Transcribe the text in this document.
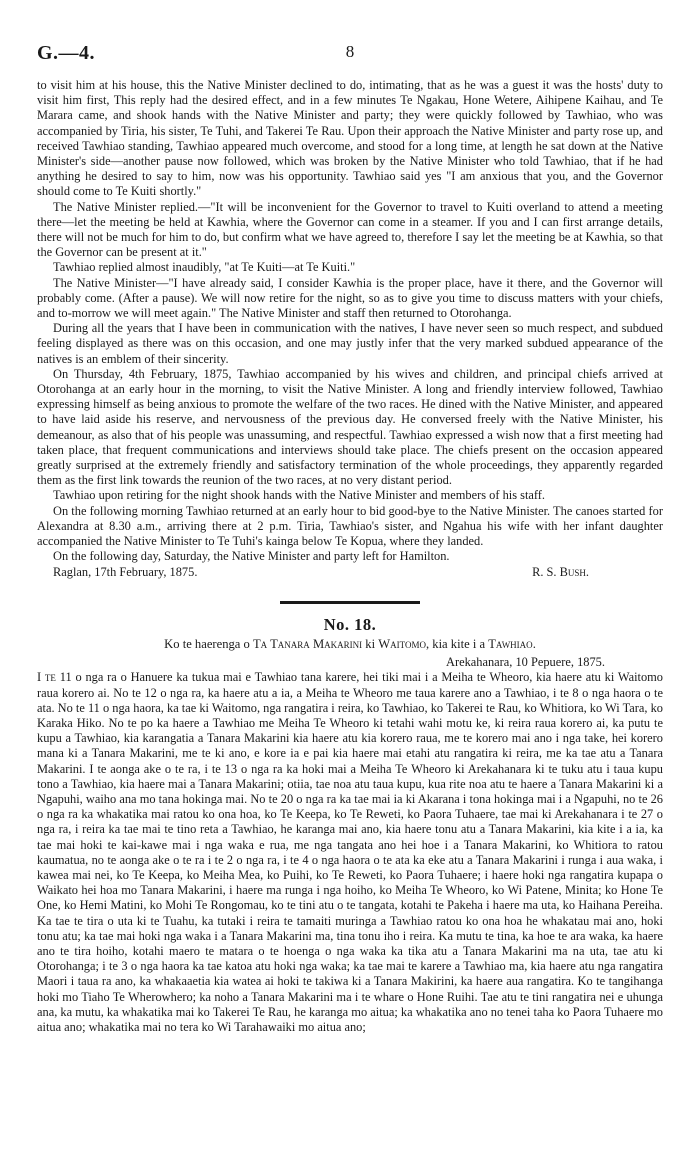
G.—4.	8

to visit him at his house, this the Native Minister declined to do, intimating, that as he was a guest it was the hosts' duty to visit him first, This reply had the desired effect, and in a few minutes Te Ngakau, Hone Wetere, Aihipene Kaihau, and Te Marara came, and shook hands with the Native Minister and party; they were quickly followed by Tawhiao, who was accompanied by Tiria, his sister, Te Tuhi, and Takerei Te Rau. Upon their approach the Native Minister and party rose up, and received Tawhiao standing, Tawhiao appeared much overcome, and stood for a long time, at length he sat down at the Native Minister's side—another pause now followed, which was broken by the Native Minister who told Tawhiao, that if he had anything he desired to say to him, now was his opportunity. Tawhiao said yes "I am anxious that you, and the Governor should come to Te Kuiti shortly."

The Native Minister replied.—"It will be inconvenient for the Governor to travel to Kuiti overland to attend a meeting there—let the meeting be held at Kawhia, where the Governor can come in a steamer. If you and I can first arrange details, there will not be much for him to do, but confirm what we have agreed to, therefore I say let the meeting be at Kawhia, so that the Governor can be present at it."

Tawhiao replied almost inaudibly, "at Te Kuiti—at Te Kuiti."

The Native Minister—"I have already said, I consider Kawhia is the proper place, have it there, and the Governor will probably come. (After a pause). We will now retire for the night, so as to give you time to discuss matters with your chiefs, and to-morrow we will meet again." The Native Minister and staff then returned to Otorohanga.

During all the years that I have been in communication with the natives, I have never seen so much respect, and subdued feeling displayed as there was on this occasion, and one may justly infer that the very marked subdued appearance of the natives is an emblem of their sincerity.

On Thursday, 4th February, 1875, Tawhiao accompanied by his wives and children, and principal chiefs arrived at Otorohanga at an early hour in the morning, to visit the Native Minister. A long and friendly interview followed, Tawhiao expressing himself as being anxious to promote the welfare of the two races. He dined with the Native Minister, and appeared to have laid aside his reserve, and nervousness of the previous day. He conversed freely with the Native Minister, his demeanour, as also that of his people was unassuming, and respectful. Tawhiao expressed a wish now that a first meeting had taken place, that frequent communications and interviews should take place. The chiefs present on the occasion appeared greatly surprised at the extremely friendly and satisfactory termination of the whole proceedings, they apparently regarded them as the first link towards the reunion of the two races, at no very distant period.

Tawhiao upon retiring for the night shook hands with the Native Minister and members of his staff.

On the following morning Tawhiao returned at an early hour to bid good-bye to the Native Minister. The canoes started for Alexandra at 8.30 a.m., arriving there at 2 p.m. Tiria, Tawhiao's sister, and Ngahua his wife with her infant daughter accompanied the Native Minister to Te Tuhi's kainga below Te Kopua, where they landed.

On the following day, Saturday, the Native Minister and party left for Hamilton.

Raglan, 17th February, 1875.	R. S. Bush.

No. 18.
Ko te haerenga o Ta Tanara Makarini ki Waitomo, kia kite i a Tawhiao.

Arekahanara, 10 Pepuere, 1875.

I te 11 o nga ra o Hanuere ka tukua mai e Tawhiao tana karere, hei tiki mai i a Meiha te Wheoro, kia haere atu ki Waitomo raua korero ai. No te 12 o nga ra, ka haere atu a ia, a Meiha te Wheoro me taua karere ano a Tawhiao, i te 8 o nga haora o te ata. No te 11 o nga haora, ka tae ki Waitomo, nga rangatira i reira, ko Tawhiao, ko Takerei te Rau, ko Whitiora, ko Wi Tara, ko Karaka Hiko. No te po ka haere a Tawhiao me Meiha Te Wheoro ki tetahi wahi motu ke, ki reira raua korero ai, ka putu te kupu a Tawhiao, kia karangatia a Tanara Makarini kia haere atu kia korero raua, me te korero mai ano i nga take, hei korero mana ki a Tanara Makarini, me te ki ano, e kore ia e pai kia haere mai etahi atu rangatira ki reira, me ka tae atu a Tanara Makarini. I te aonga ake o te ra, i te 13 o nga ra ka hoki mai a Meiha Te Wheoro ki Arekahanara ki te tuku atu i taua kupu tono a Tawhiao, kia haere mai a Tanara Makarini; otiia, tae noa atu taua kupu, kua rite noa atu te haere a Tanara Makarini ki a Ngapuhi, waiho ana mo tana hokinga mai. No te 20 o nga ra ka tae mai ia ki Akarana i tona hokinga mai i a Ngapuhi, no te 26 o nga ra ka whakatika mai ratou ko ona hoa, ko Te Keepa, ko Te Reweti, ko Paora Tuhaere, tae mai ki Arekahanara i te 27 o nga ra, i reira ka tae mai te tino reta a Tawhiao, he karanga mai ano, kia haere tonu atu a Tanara Makarini, kia kite i a ia, ka tae mai hoki te kai-kawe mai i nga waka e rua, me nga tangata ano hei hoe i a Tanara Makarini, ko Whitiora to ratou kaumatua, no te aonga ake o te ra i te 2 o nga ra, i te 4 o nga haora o te ata ka eke atu a Tanara Makarini i runga i aua waka, i kawea mai nei, ko Te Keepa, ko Meiha Mea, ko Puihi, ko Te Reweti, ko Paora Tuhaere; i haere hoki nga rangatira kupapa o Waikato hei hoa mo Tanara Makarini, i haere ma runga i nga hoiho, ko Meiha Te Wheoro, ko Wi Patene, Minita; ko Hone Te One, ko Hemi Matini, ko Mohi Te Rongomau, ko te tini atu o te tangata, kotahi te Pakeha i haere ma uta, ko Haihana Pereiha. Ka tae te tira o uta ki te Tuahu, ka tutaki i reira te tamaiti muringa a Tawhiao ratou ko ona hoa he whakatau mai ano, hoki tonu atu; ka tae mai hoki nga waka i a Tanara Makarini ma, tina tonu iho i reira. Ka mutu te tina, ka hoe te ara waka, ka haere ano te tira hoiho, kotahi maero te matara o te hoenga o nga waka ka tika atu a Tanara Makarini ma na uta, tae atu ki Otorohanga; i te 3 o nga haora ka tae katoa atu hoki nga waka; ka tae mai te karere a Tawhiao ma, kia haere atu nga rangatira Maori i taua ra ano, ka whakaaetia kia watea ai hoki te takiwa ki a Tanara Makirini, ka haere aua rangatira. Ko te tangihanga hoki mo Tiaho Te Wherowhero; ka noho a Tanara Makarini ma i te whare o Hone Ruihi. Tae atu te tini rangatira nei e uhunga ana, ka mutu, ka whakatika mai ko Takerei Te Rau, he karanga mo aitua; ka whakatika ano no tenei taha ko Paora Tuhaere mo aitua ano; whakatika mai no tera ko Wi Tarahawaiki mo aitua ano;
